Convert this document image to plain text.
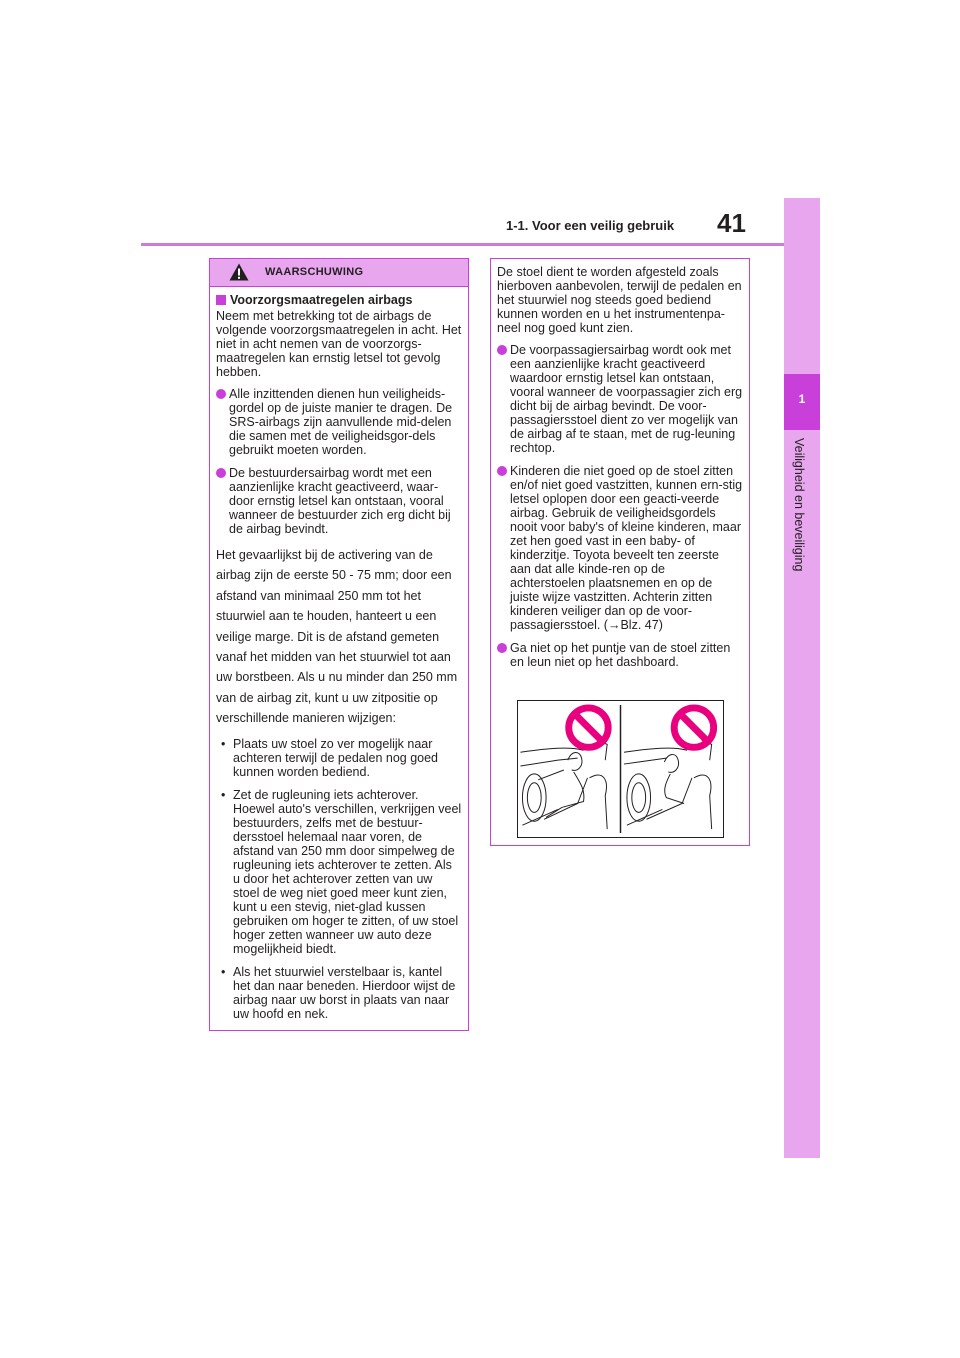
1-1. Voor een veilig gebruik 41
1
Veiligheid en beveiliging
WAARSCHUWING
Voorzorgsmaatregelen airbags

Neem met betrekking tot de airbags de volgende voorzorgsmaatregelen in acht. Het niet in acht nemen van de voorzorgs-maatregelen kan ernstig letsel tot gevolg hebben.

Alle inzittenden dienen hun veiligheids-gordel op de juiste manier te dragen. De SRS-airbags zijn aanvullende mid-delen die samen met de veiligheidsgor-dels gebruikt moeten worden.
De bestuurdersairbag wordt met een aanzienlijke kracht geactiveerd, waar-door ernstig letsel kan ontstaan, vooral wanneer de bestuurder zich erg dicht bij de airbag bevindt.

Het gevaarlijkst bij de activering van de airbag zijn de eerste 50 - 75 mm; door een afstand van minimaal 250 mm tot het stuurwiel aan te houden, hanteert u een veilige marge. Dit is de afstand gemeten vanaf het midden van het stuurwiel tot aan uw borstbeen. Als u nu minder dan 250 mm van de airbag zit, kunt u uw zitpositie op verschillende manieren wijzigen:

• Plaats uw stoel zo ver mogelijk naar achteren terwijl de pedalen nog goed kunnen worden bediend.
• Zet de rugleuning iets achterover. Hoewel auto's verschillen, verkrijgen veel bestuurders, zelfs met de bestuur-dersstoel helemaal naar voren, de afstand van 250 mm door simpelweg de rugleuning iets achterover te zetten. Als u door het achterover zetten van uw stoel de weg niet goed meer kunt zien, kunt u een stevig, niet-glad kussen gebruiken om hoger te zitten, of uw stoel hoger zetten wanneer uw auto deze mogelijkheid biedt.
• Als het stuurwiel verstelbaar is, kantel het dan naar beneden. Hierdoor wijst de airbag naar uw borst in plaats van naar uw hoofd en nek.

De stoel dient te worden afgesteld zoals hierboven aanbevolen, terwijl de pedalen en het stuurwiel nog steeds goed bediend kunnen worden en u het instrumentenpa-neel nog goed kunt zien.

De voorpassagiersairbag wordt ook met een aanzienlijke kracht geactiveerd waardoor ernstig letsel kan ontstaan, vooral wanneer de voorpassagier zich erg dicht bij de airbag bevindt. De voor-passagiersstoel dient zo ver mogelijk van de airbag af te staan, met de rug-leuning rechtop.
Kinderen die niet goed op de stoel zitten en/of niet goed vastzitten, kunnen ern-stig letsel oplopen door een geacti-veerde airbag. Gebruik de veiligheidsgordels nooit voor baby's of kleine kinderen, maar zet hen goed vast in een baby- of kinderzitje. Toyota beveelt ten zeerste aan dat alle kinde-ren op de achterstoelen plaatsnemen en op de juiste wijze vastzitten. Achterin zitten kinderen veiliger dan op de voor-passagiersstoel. (→Blz. 47)
Ga niet op het puntje van de stoel zitten en leun niet op het dashboard.
